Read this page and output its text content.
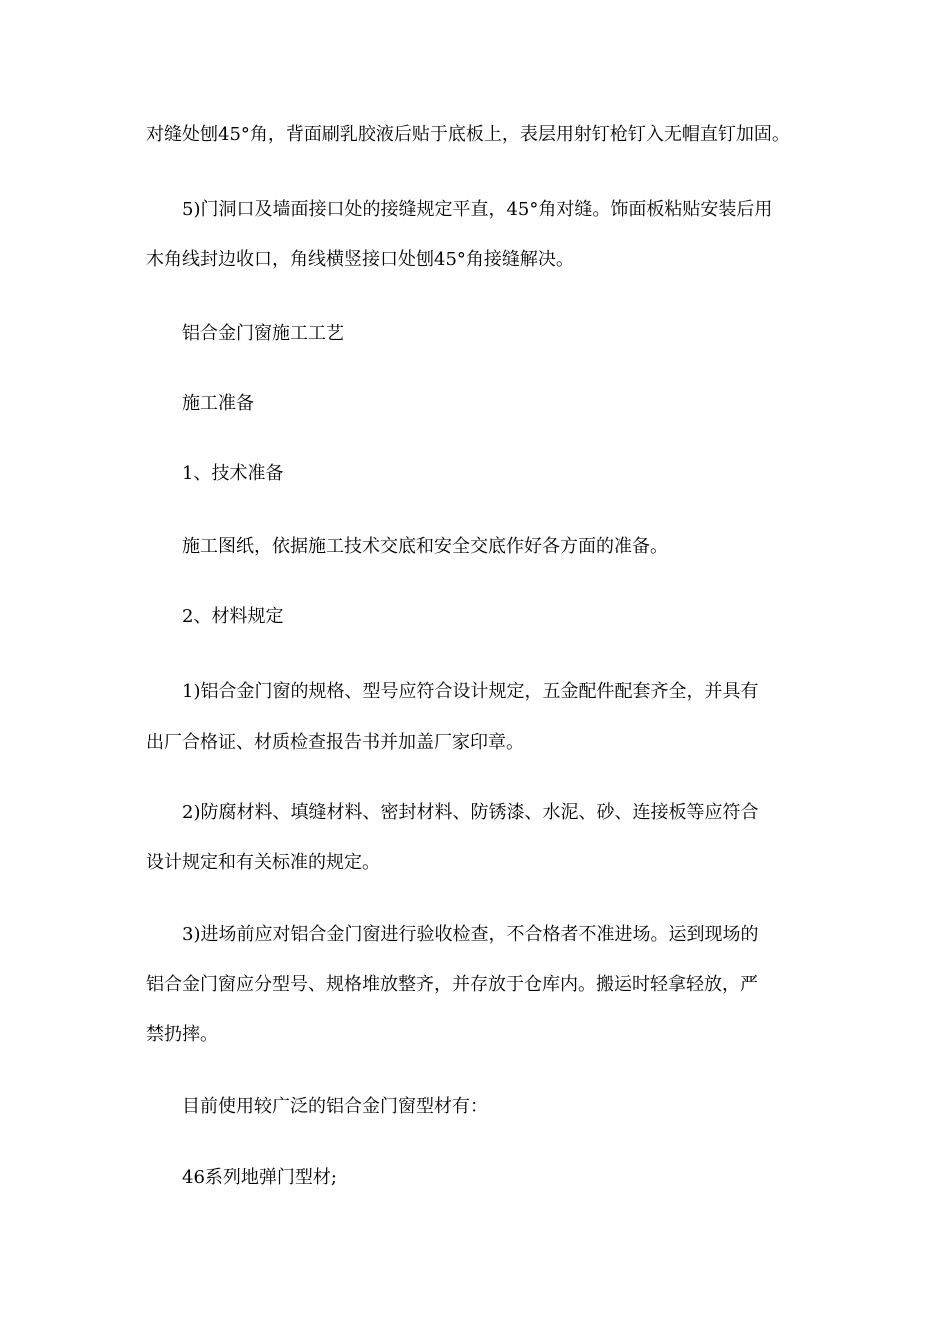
对缝处刨45°角，背面刷乳胶液后贴于底板上，表层用射钉枪钉入无帽直钉加固。
5)门洞口及墙面接口处的接缝规定平直，45°角对缝。饰面板粘贴安装后用
木角线封边收口，角线横竖接口处刨45°角接缝解决。
铝合金门窗施工工艺
施工准备
1、技术准备
施工图纸，依据施工技术交底和安全交底作好各方面的准备。
2、材料规定
1)铝合金门窗的规格、型号应符合设计规定，五金配件配套齐全，并具有
出厂合格证、材质检查报告书并加盖厂家印章。
2)防腐材料、填缝材料、密封材料、防锈漆、水泥、砂、连接板等应符合
设计规定和有关标准的规定。
3)进场前应对铝合金门窗进行验收检查，不合格者不准进场。运到现场的
铝合金门窗应分型号、规格堆放整齐，并存放于仓库内。搬运时轻拿轻放，严
禁扔摔。
目前使用较广泛的铝合金门窗型材有：
46系列地弹门型材;
